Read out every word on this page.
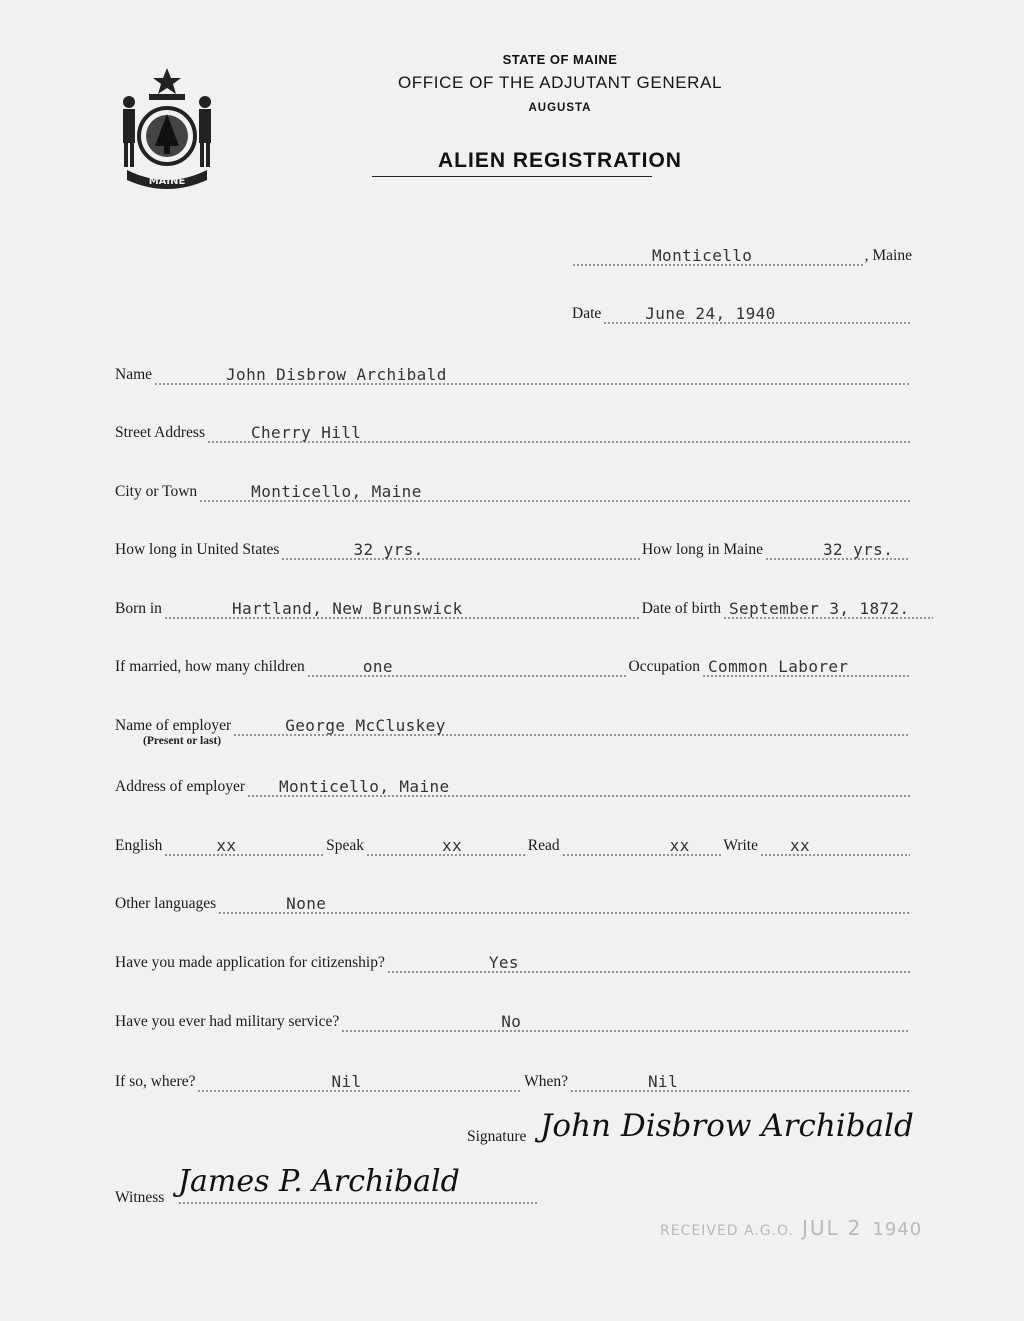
MAINE
STATE OF MAINE
OFFICE OF THE ADJUTANT GENERAL
AUGUSTA
ALIEN REGISTRATION
Monticello	, Maine
Date	June 24, 1940
Name	John Disbrow Archibald
Street Address	Cherry Hill
City or Town	Monticello, Maine
How long in United States	32 yrs.	How long in Maine	32 yrs.
Born in	Hartland, New Brunswick	Date of birth September 3, 1872.
If married, how many children	one	Occupation Common Laborer
Name of employer	George McCluskey
(Present or last)
Address of employer Monticello, Maine
English	xx	Speak	xx	Read	xx Write xx
Other languages	None
Have you made application for citizenship?	Yes
Have you ever had military service?	No
If so, where?	Nil	When?	Nil
Signature John Disbrow Archibald
Witness James P. Archibald
RECEIVED A.G.O. JUL 2 1940
